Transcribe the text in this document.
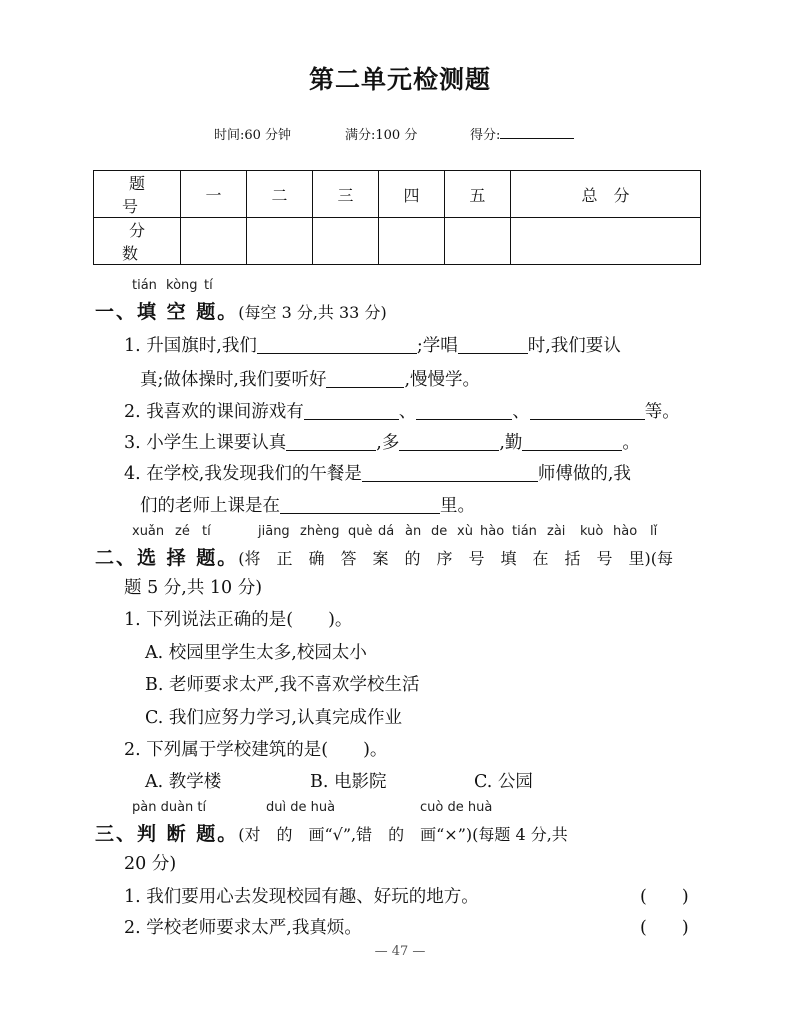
第二单元检测题
时间:60 分钟	满分:100 分	得分:
题　号	一	二	三	四	五	总　分
分　数						
tián kòng tí
一、填 空 题。(每空 3 分,共 33 分)
1. 升国旗时,我们	;学唱	时,我们要认
真;做体操时,我们要听好	,慢慢学。
2. 我喜欢的课间游戏有	、	、	等。
3. 小学生上课要认真	,多	,勤	。
4. 在学校,我发现我们的午餐是	师傅做的,我
们的老师上课是在	里。
xuǎn zé tí	jiāng zhèng què dá àn de xù hào tián zài kuò hào lǐ
二、选 择 题。(将　正　确　答　案　的　序　号　填　在　括　号　里)(每
题 5 分,共 10 分)
1. 下列说法正确的是(　　)。
A. 校园里学生太多,校园太小
B. 老师要求太严,我不喜欢学校生活
C. 我们应努力学习,认真完成作业
2. 下列属于学校建筑的是(　　)。
A. 教学楼	B. 电影院	C. 公园
pàn duàn tí	duì de huà	cuò de huà
三、判 断 题。(对　的　画“√”,错　的　画“×”)(每题 4 分,共
20 分)
1. 我们要用心去发现校园有趣、好玩的地方。	(　　)
2. 学校老师要求太严,我真烦。	(　　)
— 47 —
